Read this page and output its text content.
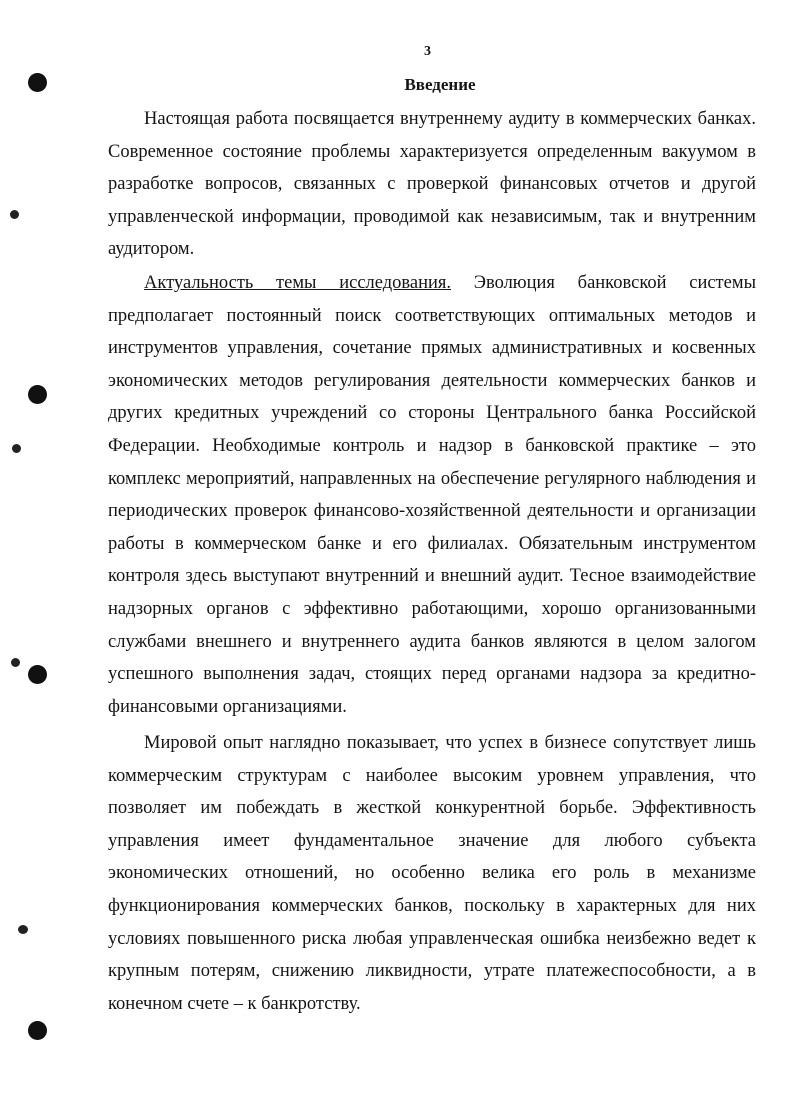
3
Введение

Настоящая работа посвящается внутреннему аудиту в коммерческих банках. Современное состояние проблемы характеризуется определенным вакуумом в разработке вопросов, связанных с проверкой финансовых отчетов и другой управленческой информации, проводимой как независимым, так и внутренним аудитором.

Актуальность темы исследования. Эволюция банковской системы предполагает постоянный поиск соответствующих оптимальных методов и инструментов управления, сочетание прямых административных и косвенных экономических методов регулирования деятельности коммерческих банков и других кредитных учреждений со стороны Центрального банка Российской Федерации. Необходимые контроль и надзор в банковской практике – это комплекс мероприятий, направленных на обеспечение регулярного наблюдения и периодических проверок финансово-хозяйственной деятельности и организации работы в коммерческом банке и его филиалах. Обязательным инструментом контроля здесь выступают внутренний и внешний аудит. Тесное взаимодействие надзорных органов с эффективно работающими, хорошо организованными службами внешнего и внутреннего аудита банков являются в целом залогом успешного выполнения задач, стоящих перед органами надзора за кредитно-финансовыми организациями.

Мировой опыт наглядно показывает, что успех в бизнесе сопутствует лишь коммерческим структурам с наиболее высоким уровнем управления, что позволяет им побеждать в жесткой конкурентной борьбе. Эффективность управления имеет фундаментальное значение для любого субъекта экономических отношений, но особенно велика его роль в механизме функционирования коммерческих банков, поскольку в характерных для них условиях повышенного риска любая управленческая ошибка неизбежно ведет к крупным потерям, снижению ликвидности, утрате платежеспособности, а в конечном счете – к банкротству.
